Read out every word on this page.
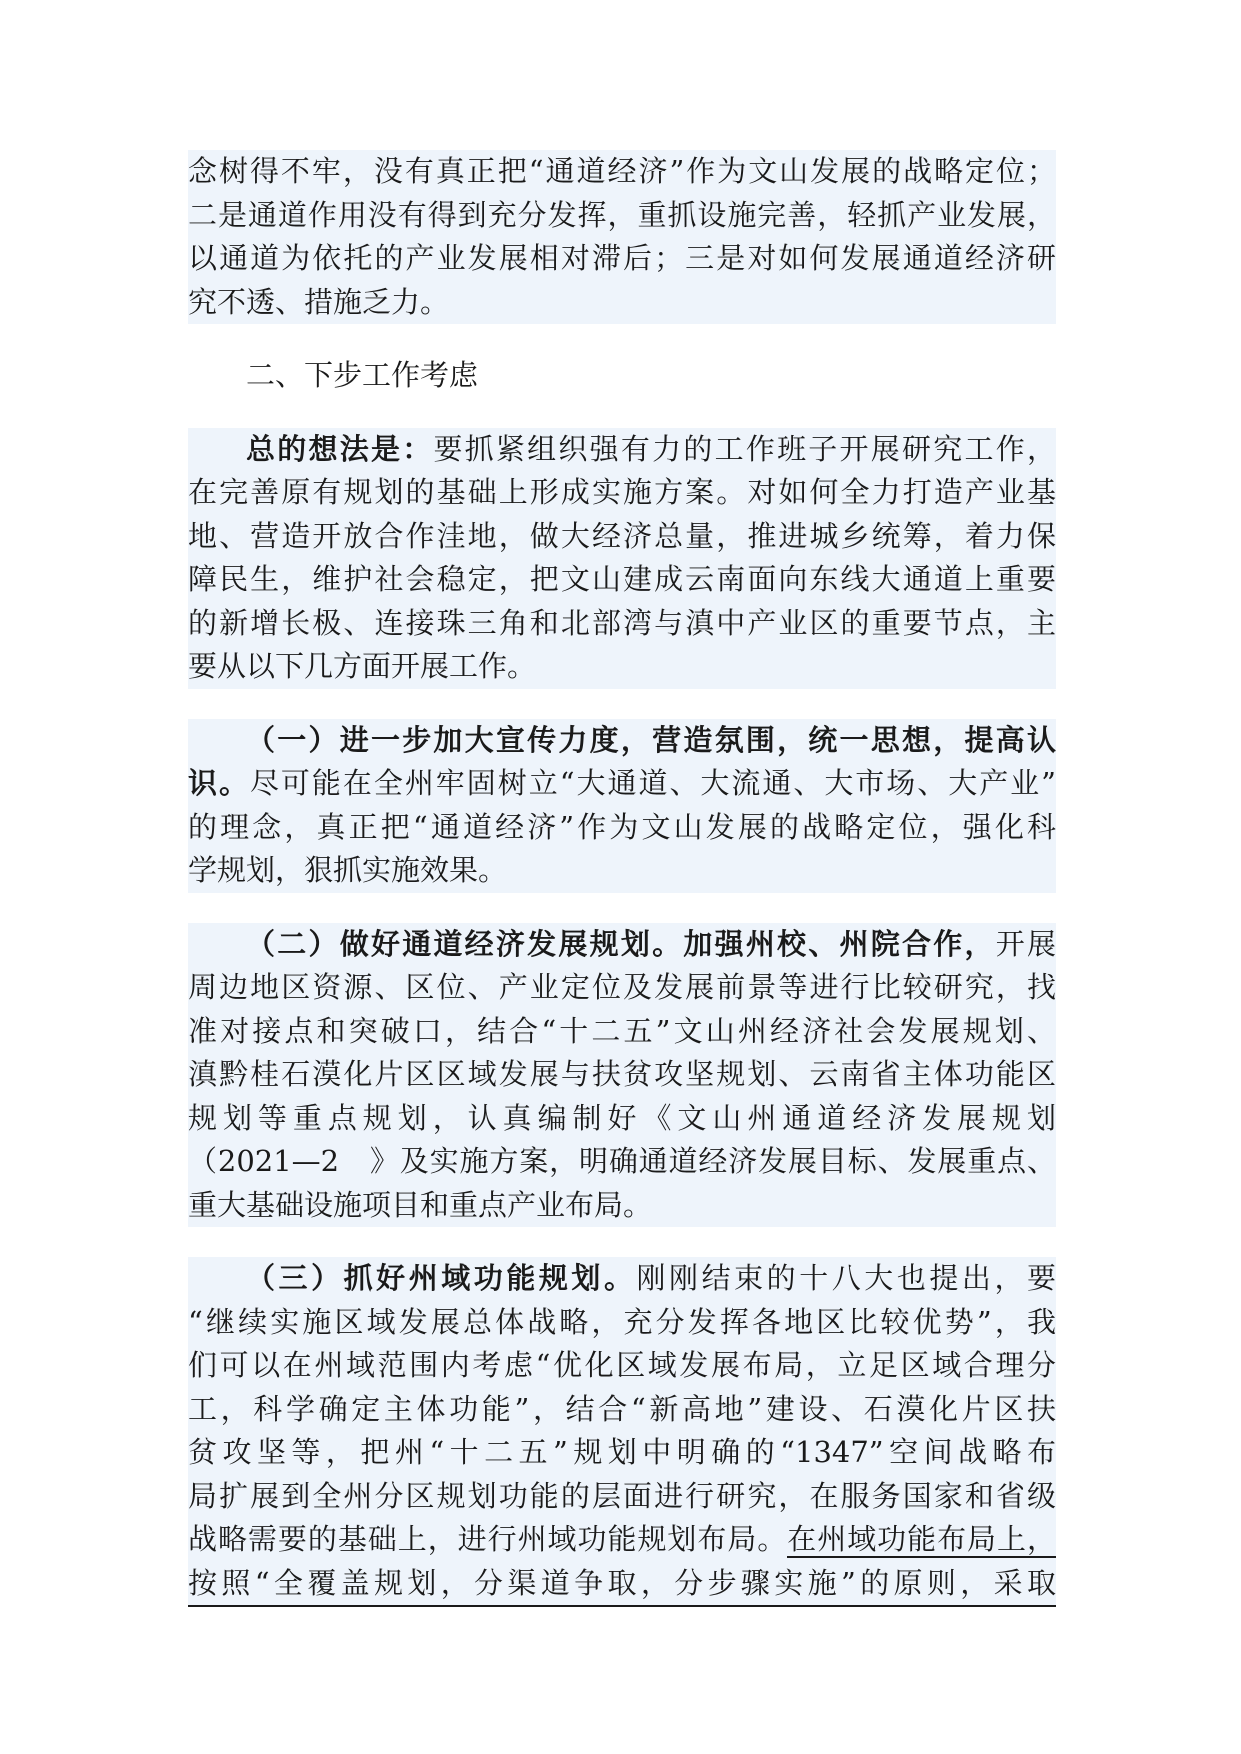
念树得不牢，没有真正把“通道经济”作为文山发展的战略定位；
二是通道作用没有得到充分发挥，重抓设施完善，轻抓产业发展，
以通道为依托的产业发展相对滞后；三是对如何发展通道经济研
究不透、措施乏力。
二、下步工作考虑
总的想法是：要抓紧组织强有力的工作班子开展研究工作，
在完善原有规划的基础上形成实施方案。对如何全力打造产业基
地、营造开放合作洼地，做大经济总量，推进城乡统筹，着力保
障民生，维护社会稳定，把文山建成云南面向东线大通道上重要
的新增长极、连接珠三角和北部湾与滇中产业区的重要节点，主
要从以下几方面开展工作。
（一）进一步加大宣传力度，营造氛围，统一思想，提高认
识。尽可能在全州牢固树立“大通道、大流通、大市场、大产业”
的理念，真正把“通道经济”作为文山发展的战略定位，强化科
学规划，狠抓实施效果。
（二）做好通道经济发展规划。加强州校、州院合作，开展
周边地区资源、区位、产业定位及发展前景等进行比较研究，找
准对接点和突破口，结合“十二五”文山州经济社会发展规划、
滇黔桂石漠化片区区域发展与扶贫攻坚规划、云南省主体功能区
规划等重点规划，认真编制好《文山州通道经济发展规划
（2021—2　》及实施方案，明确通道经济发展目标、发展重点、
重大基础设施项目和重点产业布局。
（三）抓好州域功能规划。刚刚结束的十八大也提出，要
“继续实施区域发展总体战略，充分发挥各地区比较优势”，我
们可以在州域范围内考虑“优化区域发展布局，立足区域合理分
工，科学确定主体功能”，结合“新高地”建设、石漠化片区扶
贫攻坚等，把州“十二五”规划中明确的“1347”空间战略布
局扩展到全州分区规划功能的层面进行研究，在服务国家和省级
战略需要的基础上，进行州域功能规划布局。在州域功能布局上，
按照“全覆盖规划，分渠道争取，分步骤实施”的原则，采取
